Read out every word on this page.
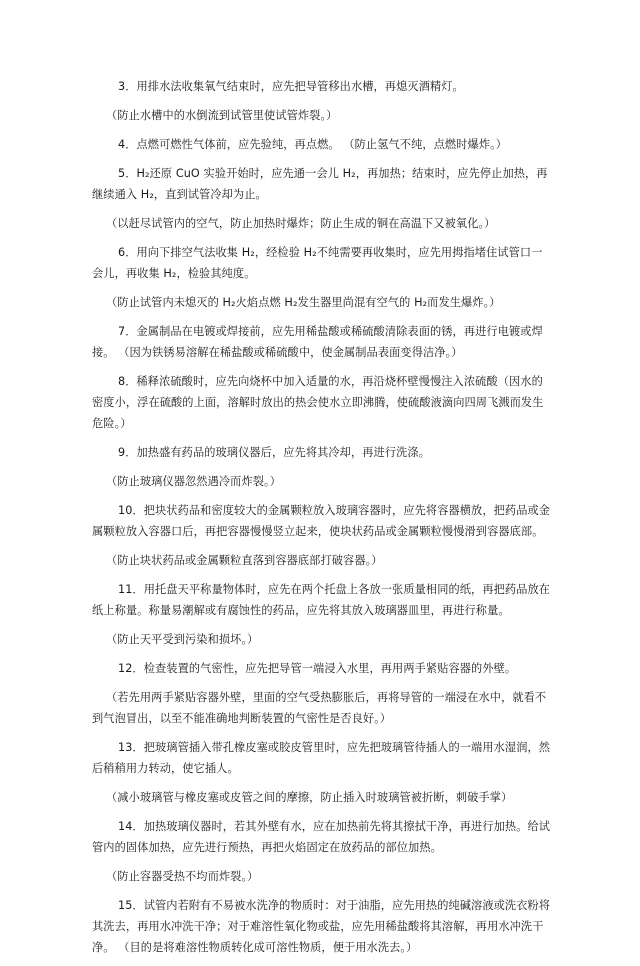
3．用排水法收集氧气结束时，应先把导管移出水槽，再熄灭酒精灯。

（防止水槽中的水倒流到试管里使试管炸裂。）

4．点燃可燃性气体前，应先验纯，再点燃。 （防止氢气不纯，点燃时爆炸。）

5．H₂还原 CuO 实验开始时，应先通一会儿 H₂，再加热；结束时，应先停止加热，再继续通入 H₂，直到试管冷却为止。

（以赶尽试管内的空气，防止加热时爆炸；防止生成的铜在高温下又被氧化。）

6．用向下排空气法收集 H₂，经检验 H₂不纯需要再收集时，应先用拇指堵住试管口一会儿，再收集 H₂，检验其纯度。

（防止试管内未熄灭的 H₂火焰点燃 H₂发生器里尚混有空气的 H₂而发生爆炸。）

7．金属制品在电镀或焊接前，应先用稀盐酸或稀硫酸清除表面的锈，再进行电镀或焊接。 （因为铁锈易溶解在稀盐酸或稀硫酸中，使金属制品表面变得洁净。）

8．稀释浓硫酸时，应先向烧杯中加入适量的水，再沿烧杯壁慢慢注入浓硫酸（因水的密度小，浮在硫酸的上面，溶解时放出的热会使水立即沸腾，使硫酸液滴向四周飞溅而发生危险。）

9．加热盛有药品的玻璃仪器后，应先将其冷却，再进行洗涤。

（防止玻璃仪器忽然遇冷而炸裂。）

10．把块状药品和密度较大的金属颗粒放入玻璃容器时，应先将容器横放，把药品或金属颗粒放入容器口后，再把容器慢慢竖立起来，使块状药品或金属颗粒慢慢滑到容器底部。

（防止块状药品或金属颗粒直落到容器底部打破容器。）

11．用托盘天平称量物体时，应先在两个托盘上各放一张质量相同的纸，再把药品放在纸上称量。称量易潮解或有腐蚀性的药品，应先将其放入玻璃器皿里，再进行称量。

（防止天平受到污染和损坏。）

12．检查装置的气密性，应先把导管一端浸入水里，再用两手紧贴容器的外壁。

（若先用两手紧贴容器外壁，里面的空气受热膨胀后，再将导管的一端浸在水中，就看不到气泡冒出，以至不能准确地判断装置的气密性是否良好。）

13．把玻璃管插入带孔橡皮塞或胶皮管里时，应先把玻璃管待插人的一端用水湿润，然后稍稍用力转动，使它插人。

（减小玻璃管与橡皮塞或皮管之间的摩擦，防止插入时玻璃管被折断，刺破手掌）

14．加热玻璃仪器时，若其外壁有水，应在加热前先将其擦拭干净，再进行加热。给试管内的固体加热，应先进行预热，再把火焰固定在放药品的部位加热。

（防止容器受热不均而炸裂。）

15．试管内若附有不易被水洗净的物质时：对于油脂，应先用热的纯碱溶液或洗衣粉将其洗去，再用水冲洗干净；对于难溶性氧化物或盐，应先用稀盐酸将其溶解，再用水冲洗干净。 （目的是将难溶性物质转化成可溶性物质，便于用水洗去。）
